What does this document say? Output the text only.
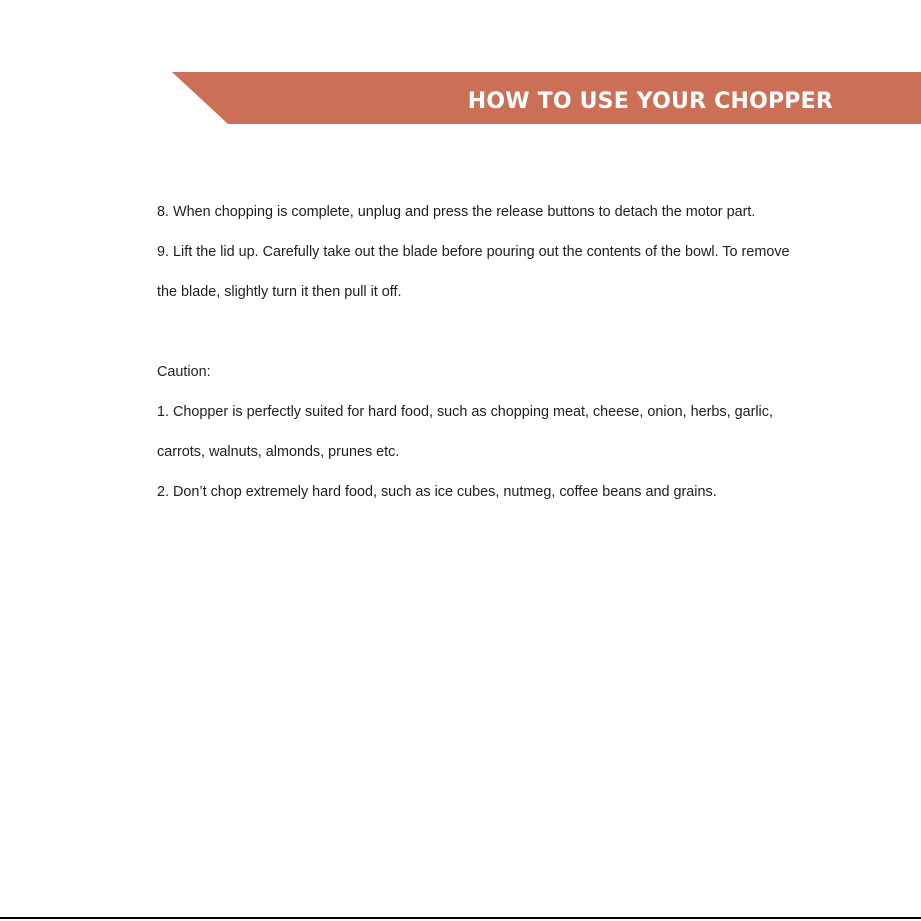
HOW TO USE YOUR CHOPPER

8. When chopping is complete, unplug and press the release buttons to detach the motor part.

9. Lift the lid up. Carefully take out the blade before pouring out the contents of the bowl. To remove

the blade, slightly turn it then pull it off.

Caution:

1. Chopper is perfectly suited for hard food, such as chopping meat, cheese, onion, herbs, garlic,

carrots, walnuts, almonds, prunes etc.

2. Don’t chop extremely hard food, such as ice cubes, nutmeg, coffee beans and grains.
